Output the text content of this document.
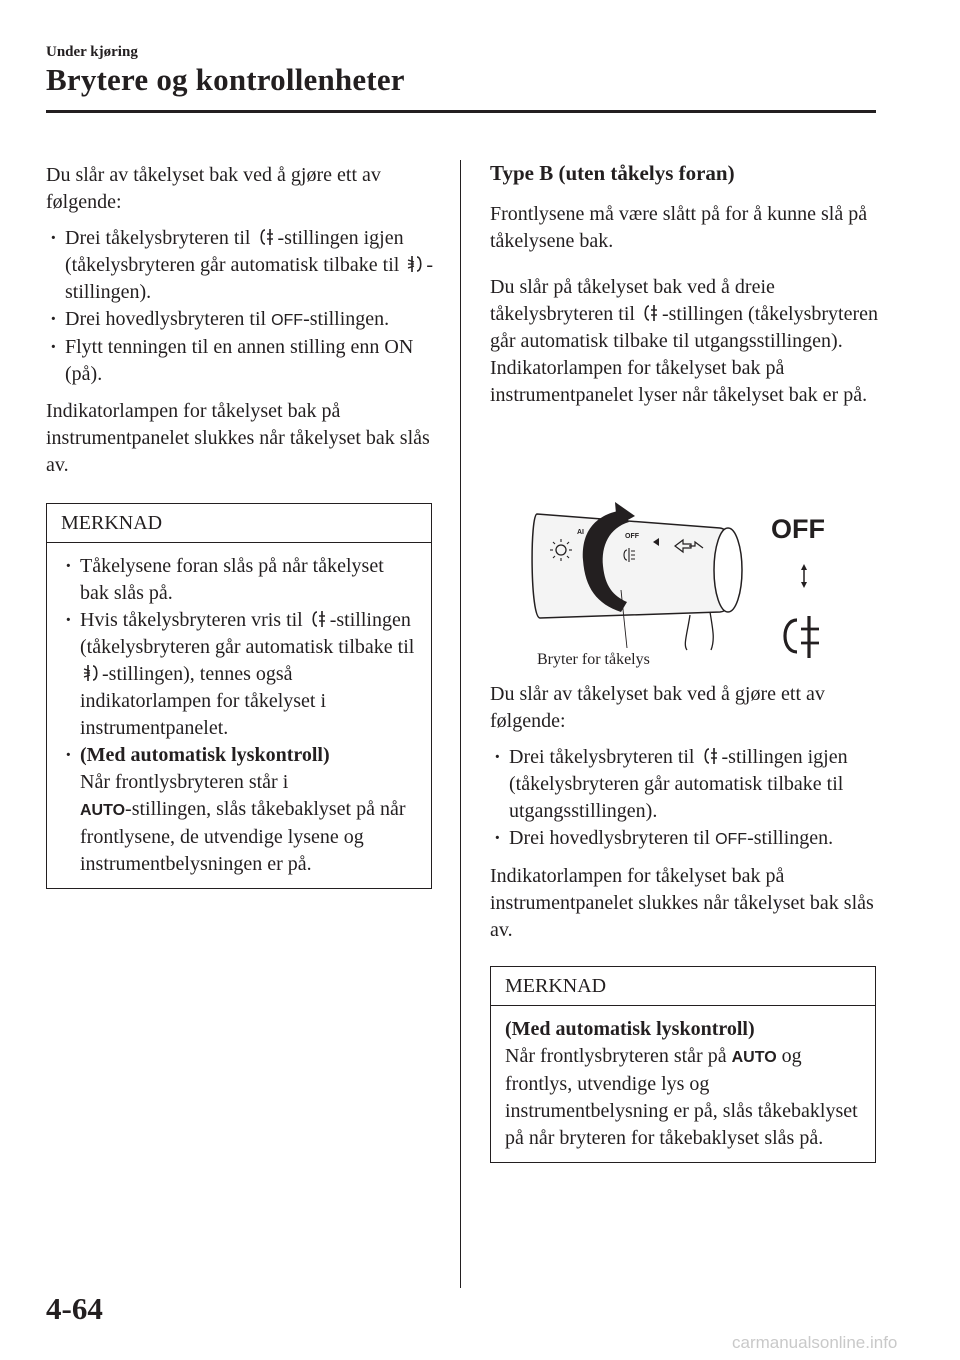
Under kjøring
Brytere og kontrollenheter

Du slår av tåkelyset bak ved å gjøre ett av følgende:

· Drei tåkelysbryteren til -stillingen igjen (tåkelysbryteren går automatisk tilbake til -stillingen).

· Drei hovedlysbryteren til OFF-stillingen.

· Flytt tenningen til en annen stilling enn ON (på).

Indikatorlampen for tåkelyset bak på instrumentpanelet slukkes når tåkelyset bak slås av.

MERKNAD

· Tåkelysene foran slås på når tåkelyset bak slås på.

· Hvis tåkelysbryteren vris til -stillingen (tåkelysbryteren går automatisk tilbake til -stillingen), tennes også indikatorlampen for tåkelyset i instrumentpanelet.

· (Med automatisk lyskontroll)
Når frontlysbryteren står i
AUTO-stillingen, slås tåkebaklyset på når frontlysene, de utvendige lysene og instrumentbelysningen er på.

Type B (uten tåkelys foran)

Frontlysene må være slått på for å kunne slå på tåkelysene bak.

Du slår på tåkelyset bak ved å dreie tåkelysbryteren til -stillingen (tåkelysbryteren går automatisk tilbake til utgangsstillingen).

Indikatorlampen for tåkelyset bak på instrumentpanelet lyser når tåkelyset bak er på.

AI
OFF	OFF
Bryter for tåkelys

Du slår av tåkelyset bak ved å gjøre ett av følgende:

· Drei tåkelysbryteren til -stillingen igjen (tåkelysbryteren går automatisk tilbake til utgangsstillingen).

· Drei hovedlysbryteren til OFF-stillingen.

Indikatorlampen for tåkelyset bak på instrumentpanelet slukkes når tåkelyset bak slås av.

MERKNAD

(Med automatisk lyskontroll)
Når frontlysbryteren står på AUTO og frontlys, utvendige lys og instrumentbelysning er på, slås tåkebaklyset på når bryteren for tåkebaklyset slås på.

4-64
carmanualsonline.info
